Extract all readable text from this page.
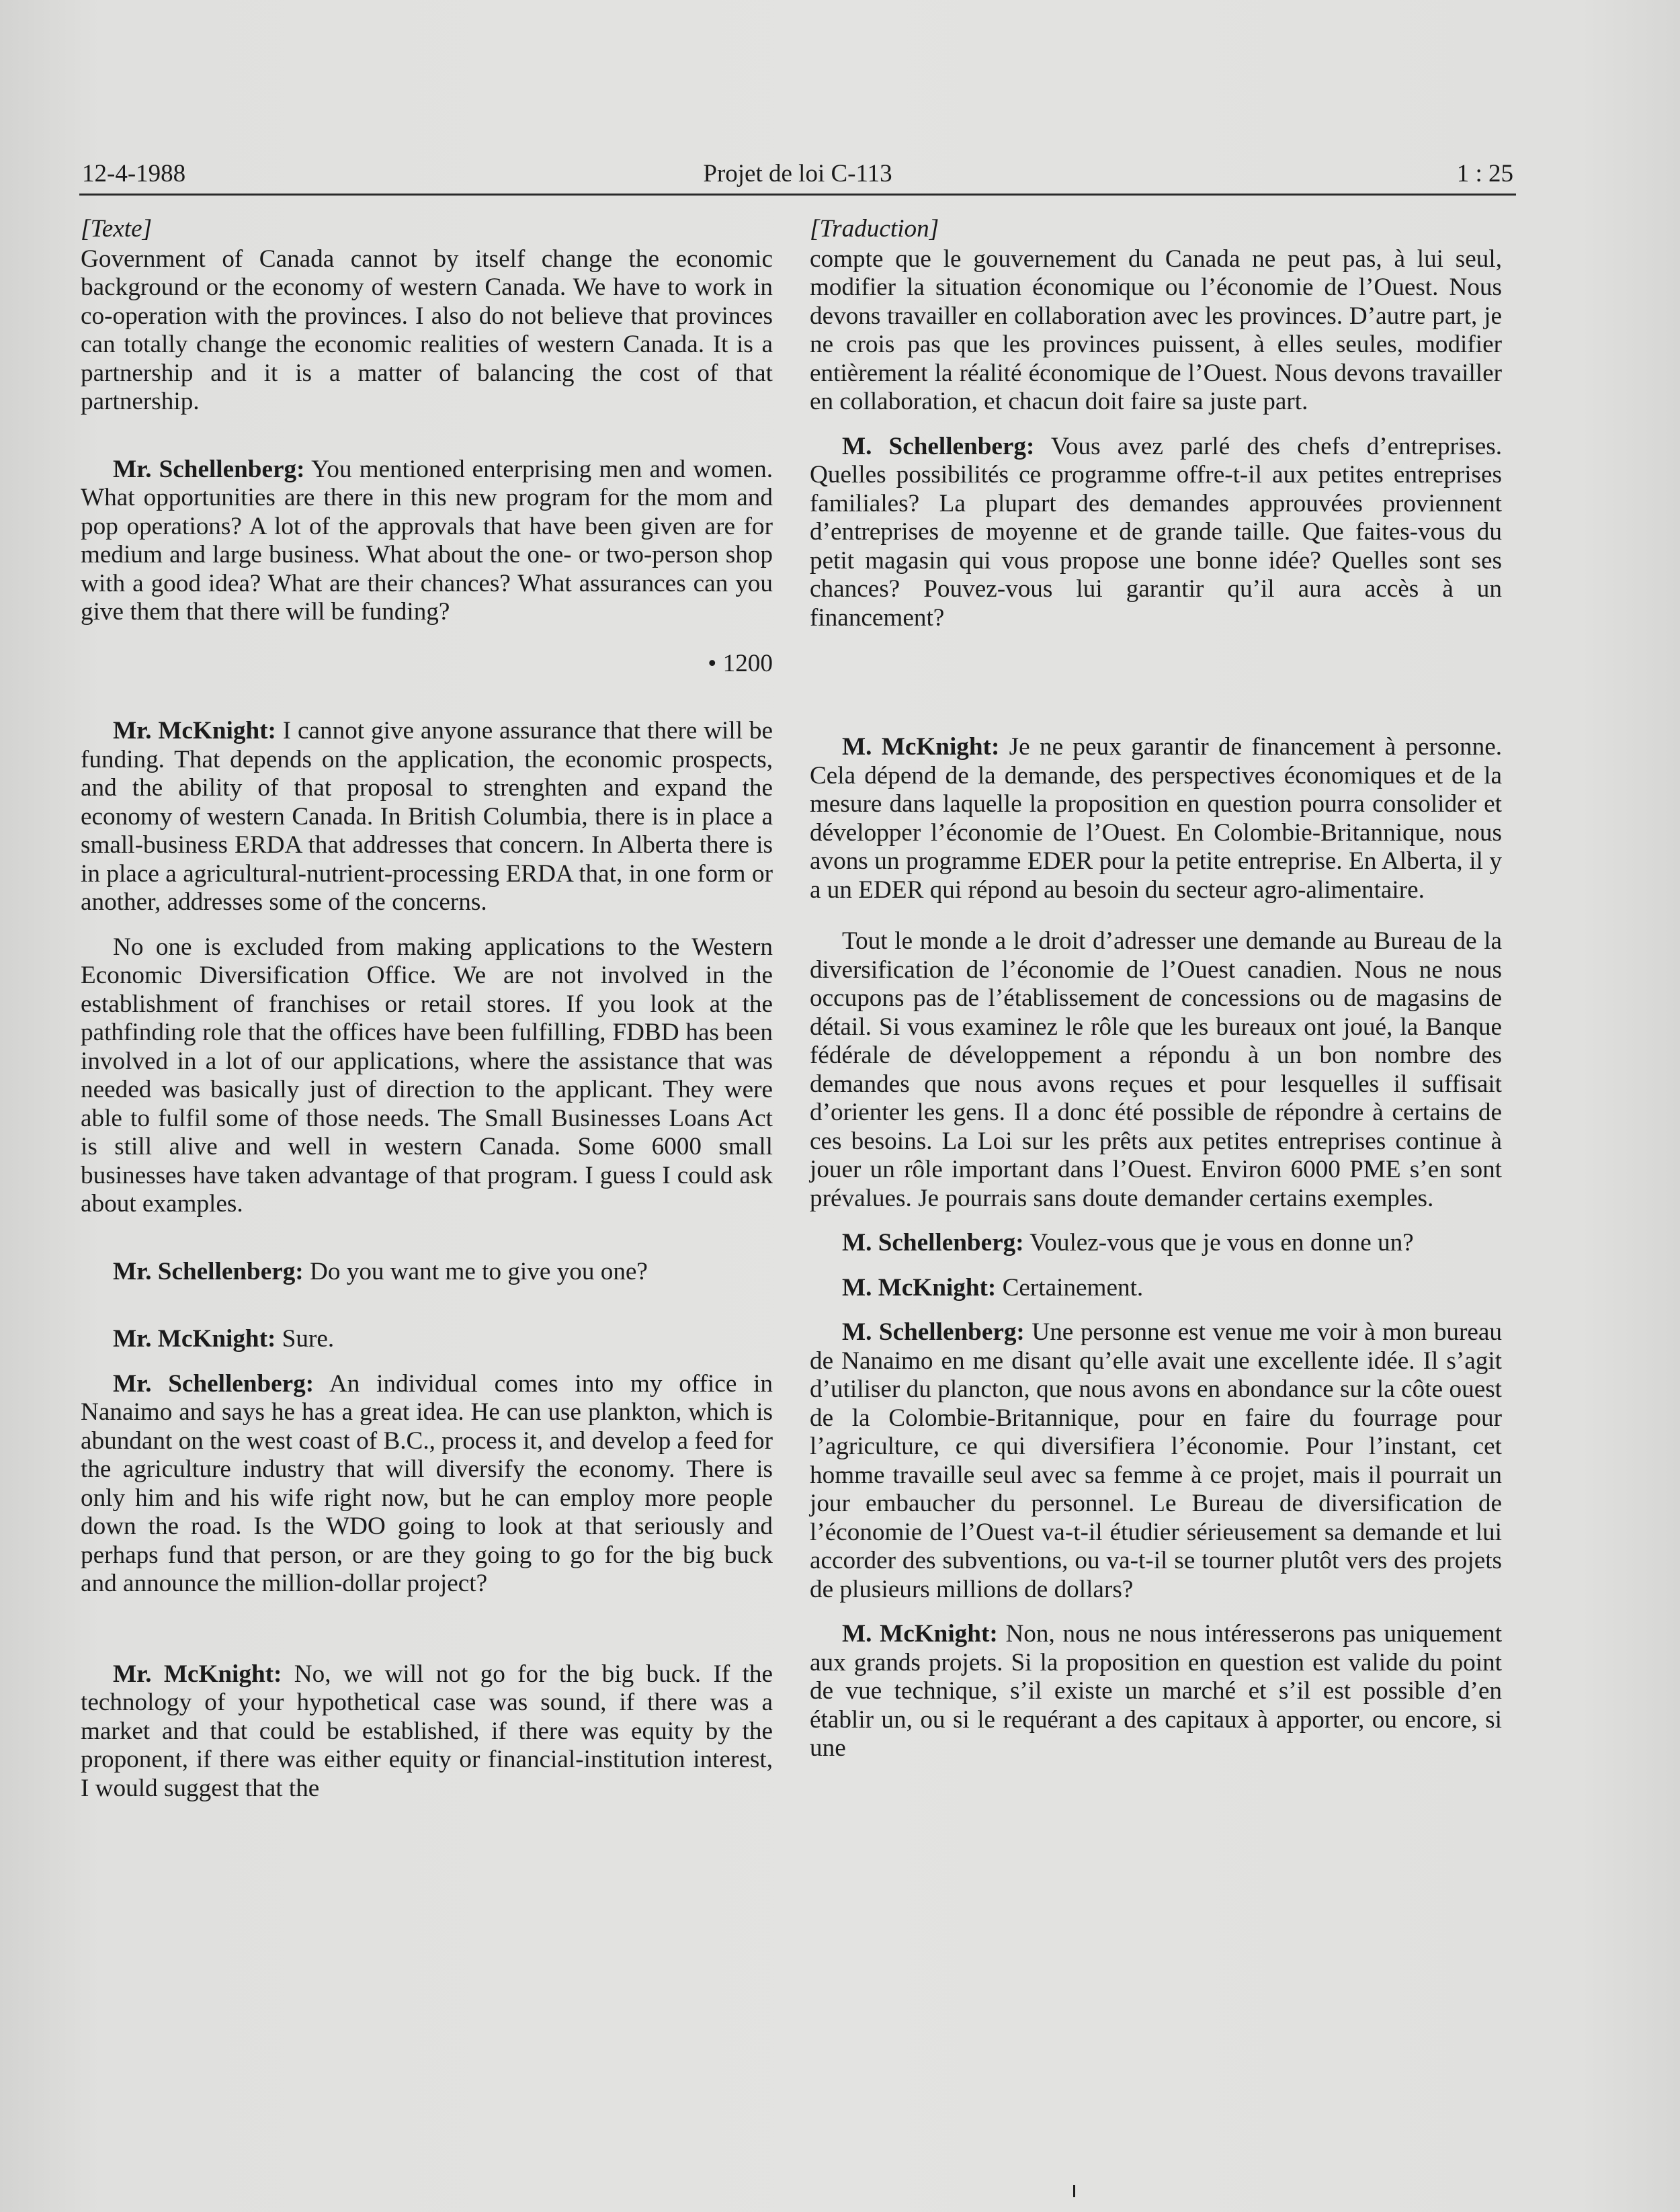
12-4-1988	Projet de loi C-113	1 : 25
[Texte]

Government of Canada cannot by itself change the economic background or the economy of western Canada. We have to work in co-operation with the provinces. I also do not believe that provinces can totally change the economic realities of western Canada. It is a partnership and it is a matter of balancing the cost of that partnership.

Mr. Schellenberg: You mentioned enterprising men and women. What opportunities are there in this new program for the mom and pop operations? A lot of the approvals that have been given are for medium and large business. What about the one- or two-person shop with a good idea? What are their chances? What assurances can you give them that there will be funding?

• 1200

Mr. McKnight: I cannot give anyone assurance that there will be funding. That depends on the application, the economic prospects, and the ability of that proposal to strenghten and expand the economy of western Canada. In British Columbia, there is in place a small-business ERDA that addresses that concern. In Alberta there is in place a agricultural-nutrient-processing ERDA that, in one form or another, addresses some of the concerns.

No one is excluded from making applications to the Western Economic Diversification Office. We are not involved in the establishment of franchises or retail stores. If you look at the pathfinding role that the offices have been fulfilling, FDBD has been involved in a lot of our applications, where the assistance that was needed was basically just of direction to the applicant. They were able to fulfil some of those needs. The Small Businesses Loans Act is still alive and well in western Canada. Some 6000 small businesses have taken advantage of that program. I guess I could ask about examples.

Mr. Schellenberg: Do you want me to give you one?

Mr. McKnight: Sure.

Mr. Schellenberg: An individual comes into my office in Nanaimo and says he has a great idea. He can use plankton, which is abundant on the west coast of B.C., process it, and develop a feed for the agriculture industry that will diversify the economy. There is only him and his wife right now, but he can employ more people down the road. Is the WDO going to look at that seriously and perhaps fund that person, or are they going to go for the big buck and announce the million-dollar project?

Mr. McKnight: No, we will not go for the big buck. If the technology of your hypothetical case was sound, if there was a market and that could be established, if there was equity by the proponent, if there was either equity or financial-institution interest, I would suggest that the

[Traduction]

compte que le gouvernement du Canada ne peut pas, à lui seul, modifier la situation économique ou l’économie de l’Ouest. Nous devons travailler en collaboration avec les provinces. D’autre part, je ne crois pas que les provinces puissent, à elles seules, modifier entièrement la réalité économique de l’Ouest. Nous devons travailler en collaboration, et chacun doit faire sa juste part.

M. Schellenberg: Vous avez parlé des chefs d’entreprises. Quelles possibilités ce programme offre-t-il aux petites entreprises familiales? La plupart des demandes approuvées proviennent d’entreprises de moyenne et de grande taille. Que faites-vous du petit magasin qui vous propose une bonne idée? Quelles sont ses chances? Pouvez-vous lui garantir qu’il aura accès à un financement?

M. McKnight: Je ne peux garantir de financement à personne. Cela dépend de la demande, des perspectives économiques et de la mesure dans laquelle la proposition en question pourra consolider et développer l’économie de l’Ouest. En Colombie-Britannique, nous avons un programme EDER pour la petite entreprise. En Alberta, il y a un EDER qui répond au besoin du secteur agro-alimentaire.

Tout le monde a le droit d’adresser une demande au Bureau de la diversification de l’économie de l’Ouest canadien. Nous ne nous occupons pas de l’établissement de concessions ou de magasins de détail. Si vous examinez le rôle que les bureaux ont joué, la Banque fédérale de développement a répondu à un bon nombre des demandes que nous avons reçues et pour lesquelles il suffisait d’orienter les gens. Il a donc été possible de répondre à certains de ces besoins. La Loi sur les prêts aux petites entreprises continue à jouer un rôle important dans l’Ouest. Environ 6000 PME s’en sont prévalues. Je pourrais sans doute demander certains exemples.

M. Schellenberg: Voulez-vous que je vous en donne un?

M. McKnight: Certainement.

M. Schellenberg: Une personne est venue me voir à mon bureau de Nanaimo en me disant qu’elle avait une excellente idée. Il s’agit d’utiliser du plancton, que nous avons en abondance sur la côte ouest de la Colombie-Britannique, pour en faire du fourrage pour l’agriculture, ce qui diversifiera l’économie. Pour l’instant, cet homme travaille seul avec sa femme à ce projet, mais il pourrait un jour embaucher du personnel. Le Bureau de diversification de l’économie de l’Ouest va-t-il étudier sérieusement sa demande et lui accorder des subventions, ou va-t-il se tourner plutôt vers des projets de plusieurs millions de dollars?

M. McKnight: Non, nous ne nous intéresserons pas uniquement aux grands projets. Si la proposition en question est valide du point de vue technique, s’il existe un marché et s’il est possible d’en établir un, ou si le requérant a des capitaux à apporter, ou encore, si une
